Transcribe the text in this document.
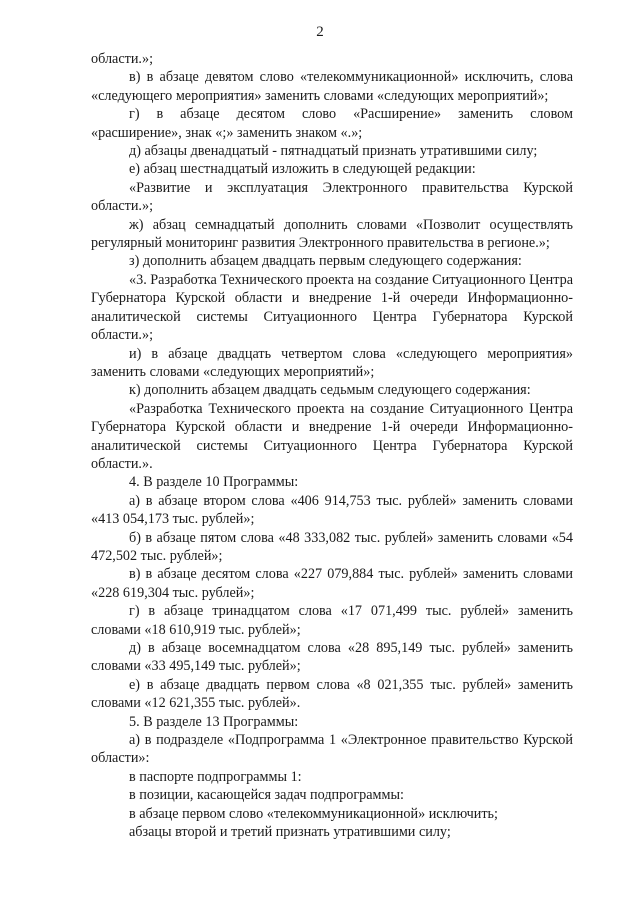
2

области.»;

в) в абзаце девятом слово «телекоммуникационной» исключить, слова «следующего мероприятия» заменить словами «следующих мероприятий»;

г) в абзаце десятом слово «Расширение» заменить словом «расширение», знак «;» заменить знаком «.»;

д) абзацы двенадцатый - пятнадцатый признать утратившими силу;

е) абзац шестнадцатый изложить в следующей редакции:

«Развитие и эксплуатация Электронного правительства Курской области.»;

ж) абзац семнадцатый дополнить словами «Позволит осуществлять регулярный мониторинг развития Электронного правительства в регионе.»;

з) дополнить абзацем двадцать первым следующего содержания:

«3. Разработка Технического проекта на создание Ситуационного Центра Губернатора Курской области и внедрение 1-й очереди Информационно-аналитической системы Ситуационного Центра Губернатора Курской области.»;

и) в абзаце двадцать четвертом слова «следующего мероприятия» заменить словами «следующих мероприятий»;

к) дополнить абзацем двадцать седьмым следующего содержания:

«Разработка Технического проекта на создание Ситуационного Центра Губернатора Курской области и внедрение 1-й очереди Информационно-аналитической системы Ситуационного Центра Губернатора Курской области.».

4. В разделе 10 Программы:

а) в абзаце втором слова «406 914,753 тыс. рублей» заменить словами «413 054,173 тыс. рублей»;

б) в абзаце пятом слова «48 333,082 тыс. рублей» заменить словами «54 472,502 тыс. рублей»;

в) в абзаце десятом слова «227 079,884 тыс. рублей» заменить словами «228 619,304 тыс. рублей»;

г) в абзаце тринадцатом слова «17 071,499 тыс. рублей» заменить словами «18 610,919 тыс. рублей»;

д) в абзаце восемнадцатом слова «28 895,149 тыс. рублей» заменить словами «33 495,149 тыс. рублей»;

е) в абзаце двадцать первом слова «8 021,355 тыс. рублей» заменить словами «12 621,355 тыс. рублей».

5. В разделе 13 Программы:

а) в подразделе «Подпрограмма 1 «Электронное правительство Курской области»:

в паспорте подпрограммы 1:

в позиции, касающейся задач подпрограммы:

в абзаце первом слово «телекоммуникационной» исключить;

абзацы второй и третий признать утратившими силу;
